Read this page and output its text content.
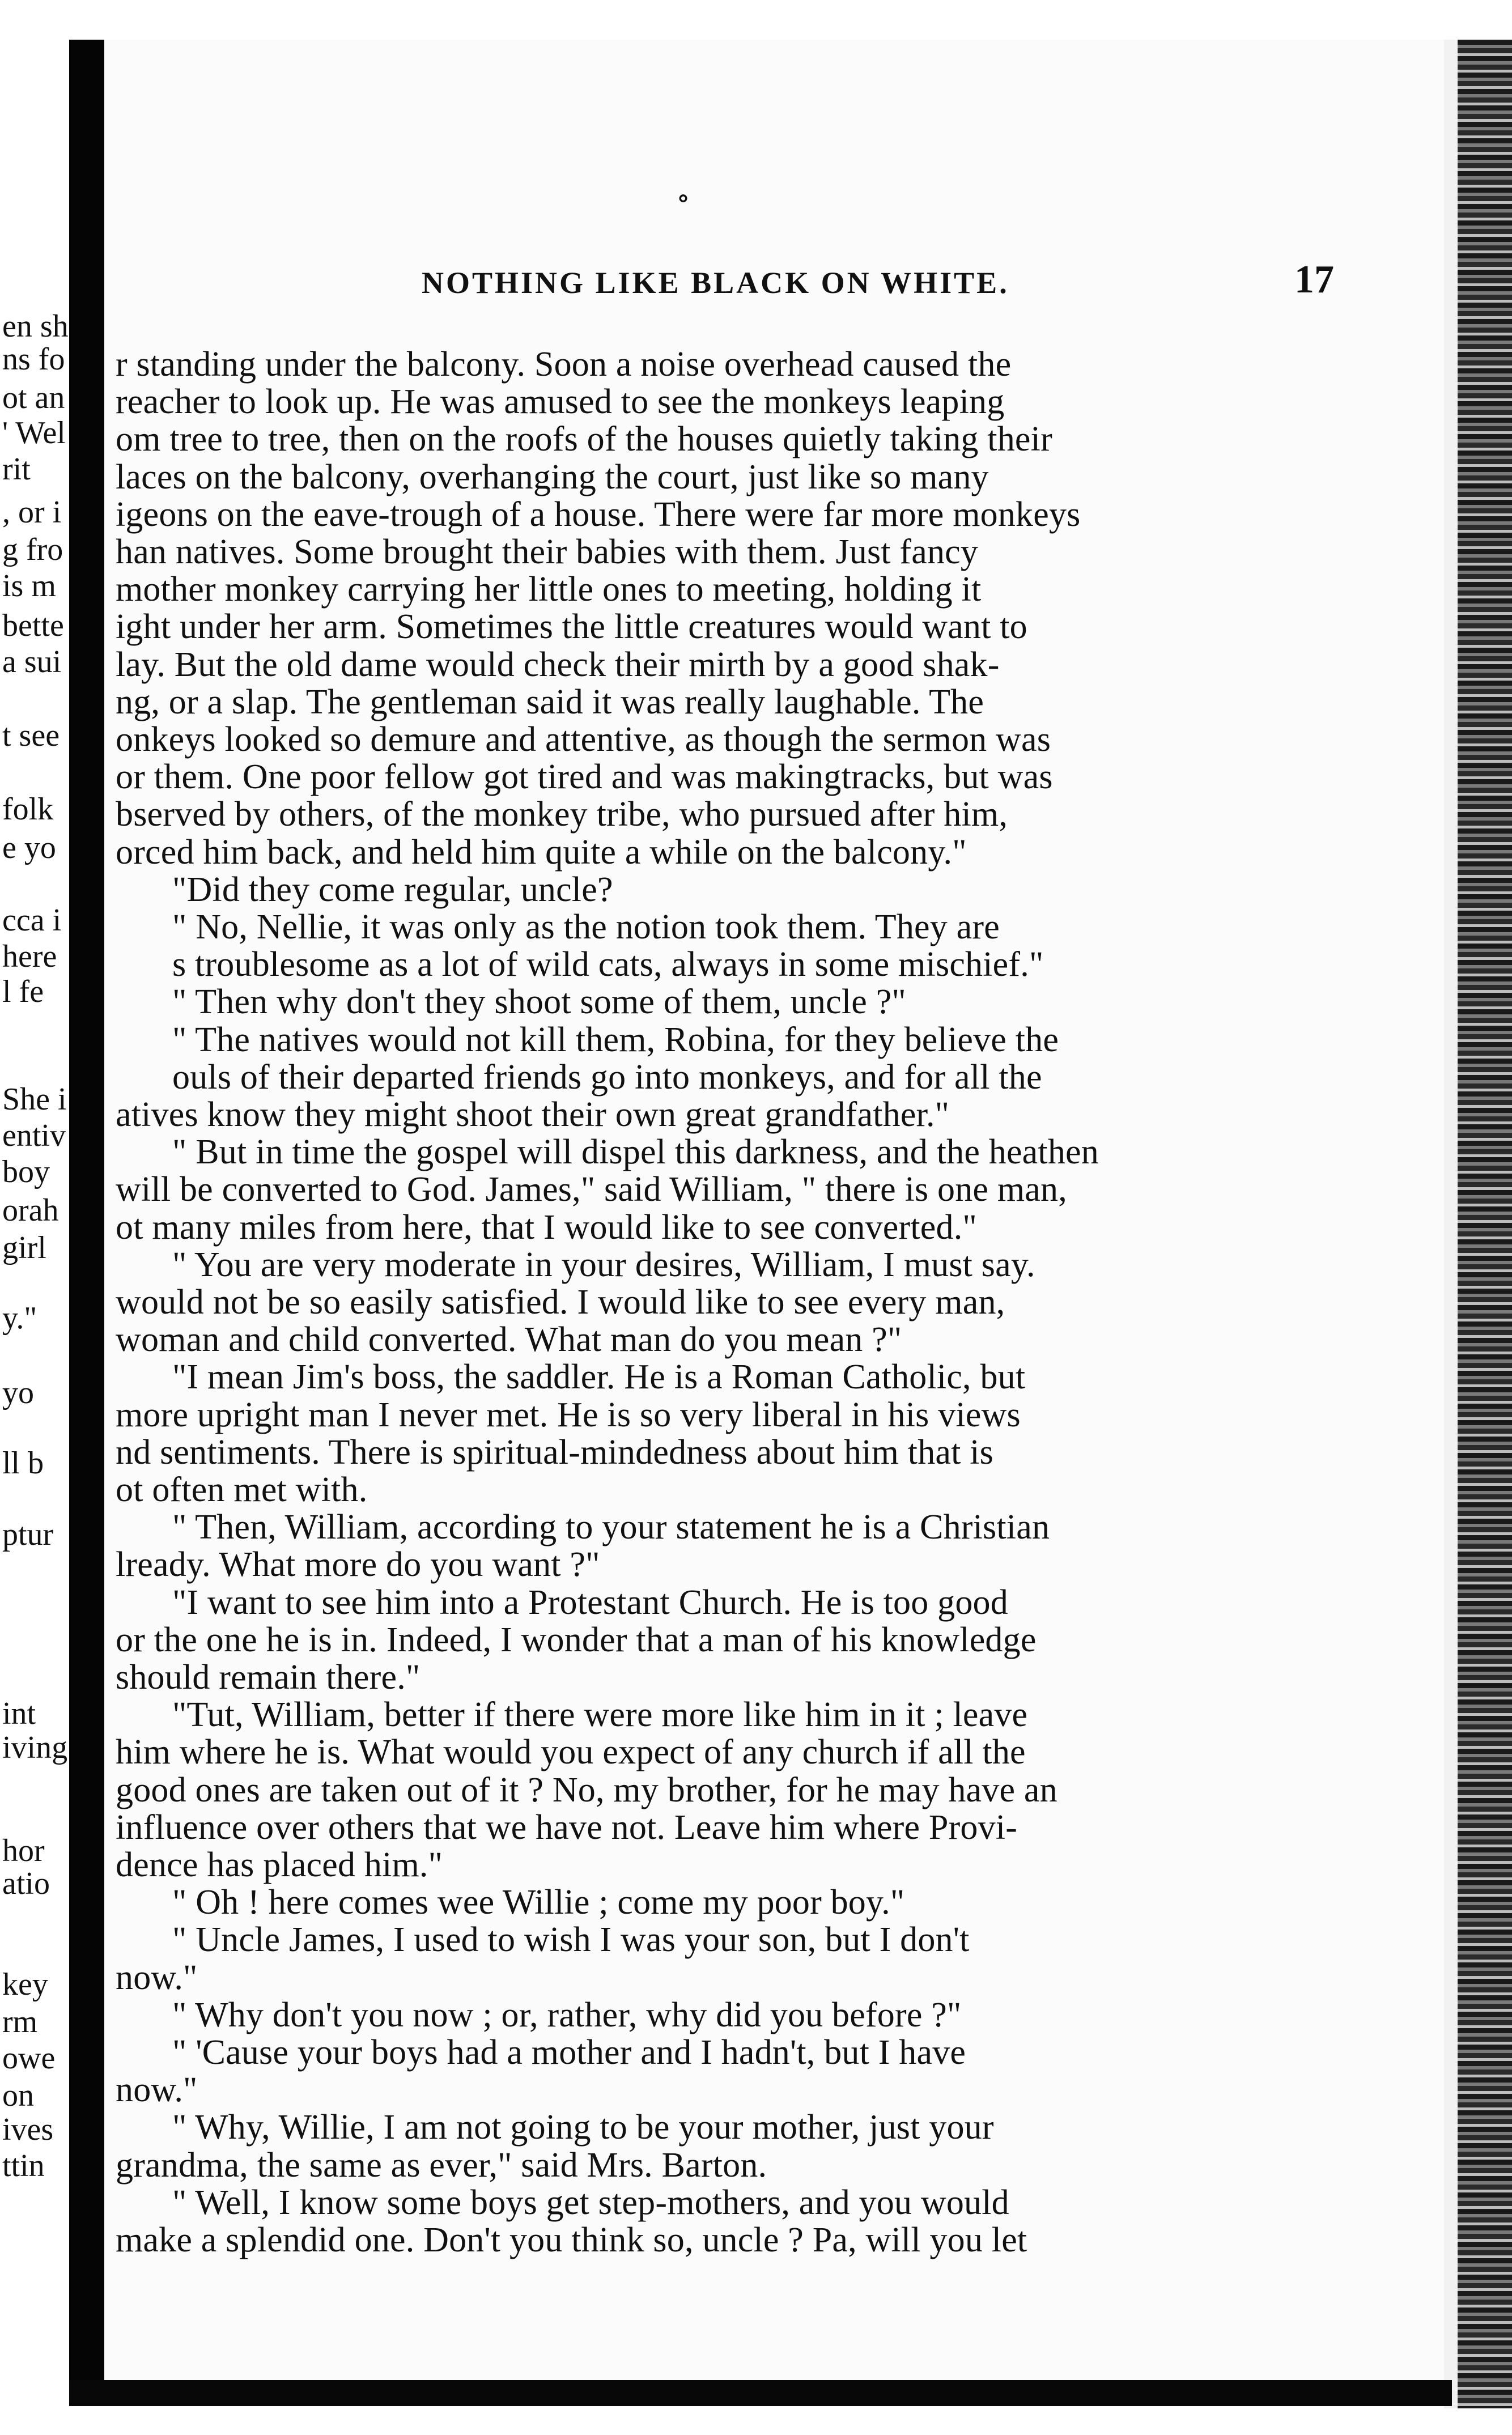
en sh
ns fo
ot an
' Wel
rit
, or i
g fro
is m
bette
a sui
t see
folk
e yo
cca i
here
l fe
She i
entiv
boy
orah
girl
y."
yo
ll b
ptur
int
iving
hor
atio
key
rm
owe
on
ives
ttin
∘
NOTHING LIKE BLACK ON WHITE.	17
r standing under the balcony. Soon a noise overhead caused the
reacher to look up. He was amused to see the monkeys leaping
om tree to tree, then on the roofs of the houses quietly taking their
laces on the balcony, overhanging the court, just like so many
igeons on the eave-trough of a house. There were far more monkeys
han natives. Some brought their babies with them. Just fancy
mother monkey carrying her little ones to meeting, holding it
ight under her arm. Sometimes the little creatures would want to
lay. But the old dame would check their mirth by a good shak-
ng, or a slap. The gentleman said it was really laughable. The
onkeys looked so demure and attentive, as though the sermon was
or them. One poor fellow got tired and was makingtracks, but was
bserved by others, of the monkey tribe, who pursued after him,
orced him back, and held him quite a while on the balcony."
"Did they come regular, uncle?
" No, Nellie, it was only as the notion took them. They are
s troublesome as a lot of wild cats, always in some mischief."
" Then why don't they shoot some of them, uncle ?"
" The natives would not kill them, Robina, for they believe the
ouls of their departed friends go into monkeys, and for all the
atives know they might shoot their own great grandfather."
" But in time the gospel will dispel this darkness, and the heathen
will be converted to God. James," said William, " there is one man,
ot many miles from here, that I would like to see converted."
" You are very moderate in your desires, William, I must say.
would not be so easily satisfied. I would like to see every man,
woman and child converted. What man do you mean ?"
"I mean Jim's boss, the saddler. He is a Roman Catholic, but
more upright man I never met. He is so very liberal in his views
nd sentiments. There is spiritual-mindedness about him that is
ot often met with.
" Then, William, according to your statement he is a Christian
lready. What more do you want ?"
"I want to see him into a Protestant Church. He is too good
or the one he is in. Indeed, I wonder that a man of his knowledge
should remain there."
"Tut, William, better if there were more like him in it ; leave
him where he is. What would you expect of any church if all the
good ones are taken out of it ? No, my brother, for he may have an
influence over others that we have not. Leave him where Provi-
dence has placed him."
" Oh ! here comes wee Willie ; come my poor boy."
" Uncle James, I used to wish I was your son, but I don't
now."
" Why don't you now ; or, rather, why did you before ?"
" 'Cause your boys had a mother and I hadn't, but I have
now."
" Why, Willie, I am not going to be your mother, just your
grandma, the same as ever," said Mrs. Barton.
" Well, I know some boys get step-mothers, and you would
make a splendid one. Don't you think so, uncle ? Pa, will you let
